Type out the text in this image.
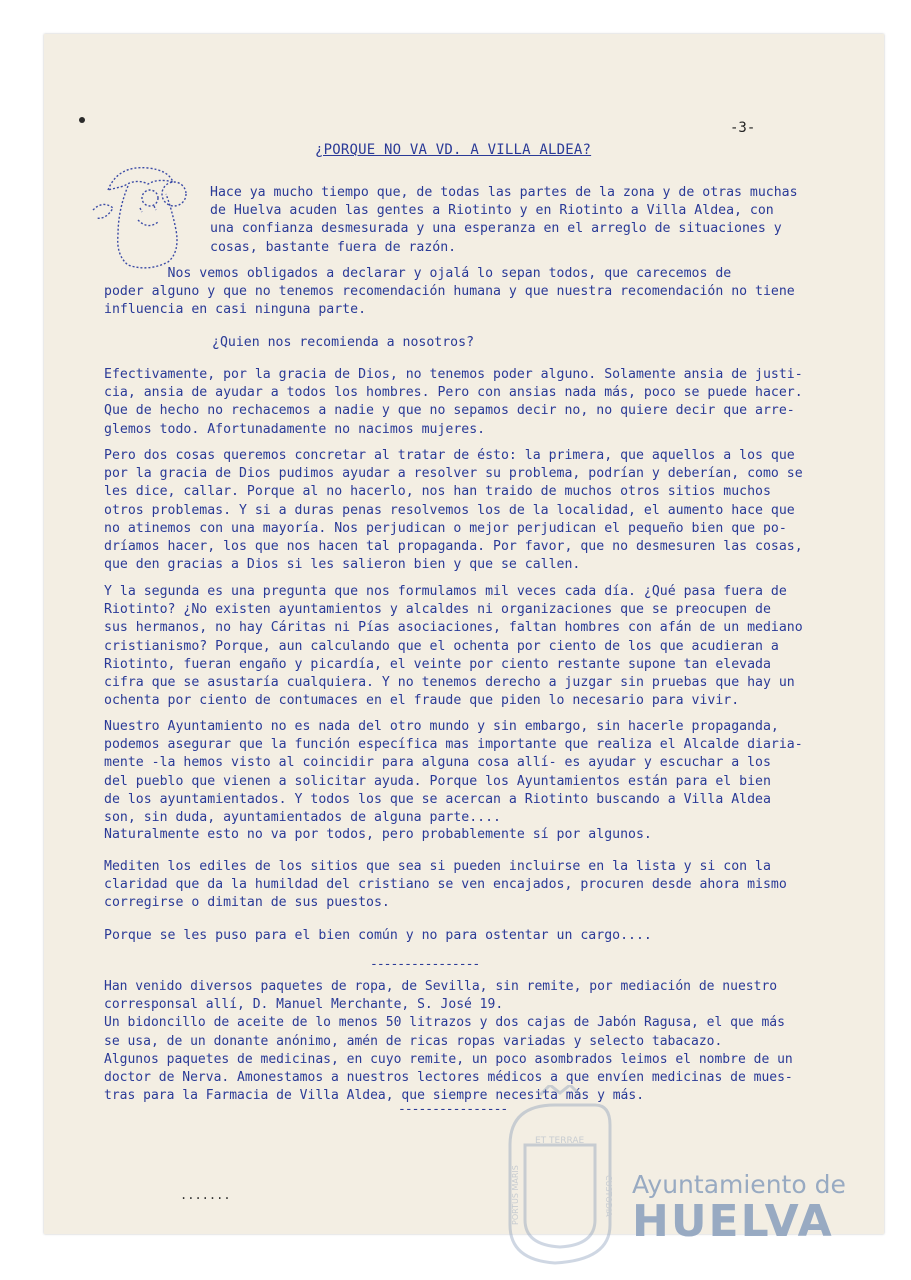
-3-
¿PORQUE NO VA VD. A VILLA ALDEA?
Hace ya mucho tiempo que, de todas las partes de la zona y de otras muchas
de Huelva acuden las gentes a Riotinto y en Riotinto a Villa Aldea, con
una confianza desmesurada y una esperanza en el arreglo de situaciones y
cosas, bastante fuera de razón.
Nos vemos obligados a declarar y ojalá lo sepan todos, que carecemos de
poder alguno y que no tenemos recomendación humana y que nuestra recomendación no tiene
influencia en casi ninguna parte.
¿Quien nos recomienda a nosotros?
Efectivamente, por la gracia de Dios, no tenemos poder alguno. Solamente ansia de justi-
cia, ansia de ayudar a todos los hombres. Pero con ansias nada más, poco se puede hacer.
Que de hecho no rechacemos a nadie y que no sepamos decir no, no quiere decir que arre-
glemos todo. Afortunadamente no nacimos mujeres.
Pero dos cosas queremos concretar al tratar de ésto: la primera, que aquellos a los que
por la gracia de Dios pudimos ayudar a resolver su problema, podrían y deberían, como se
les dice, callar. Porque al no hacerlo, nos han traido de muchos otros sitios muchos
otros problemas. Y si a duras penas resolvemos los de la localidad, el aumento hace que
no atinemos con una mayoría. Nos perjudican o mejor perjudican el pequeño bien que po-
dríamos hacer, los que nos hacen tal propaganda. Por favor, que no desmesuren las cosas,
que den gracias a Dios si les salieron bien y que se callen.
Y la segunda es una pregunta que nos formulamos mil veces cada día. ¿Qué pasa fuera de
Riotinto? ¿No existen ayuntamientos y alcaldes ni organizaciones que se preocupen de
sus hermanos, no hay Cáritas ni Pías asociaciones, faltan hombres con afán de un mediano
cristianismo? Porque, aun calculando que el ochenta por ciento de los que acudieran a
Riotinto, fueran engaño y picardía, el veinte por ciento restante supone tan elevada
cifra que se asustaría cualquiera. Y no tenemos derecho a juzgar sin pruebas que hay un
ochenta por ciento de contumaces en el fraude que piden lo necesario para vivir.
Nuestro Ayuntamiento no es nada del otro mundo y sin embargo, sin hacerle propaganda,
podemos asegurar que la función específica mas importante que realiza el Alcalde diaria-
mente -la hemos visto al coincidir para alguna cosa allí- es ayudar y escuchar a los
del pueblo que vienen a solicitar ayuda. Porque los Ayuntamientos están para el bien
de los ayuntamientados. Y todos los que se acercan a Riotinto buscando a Villa Aldea
son, sin duda, ayuntamientados de alguna parte....
Naturalmente esto no va por todos, pero probablemente sí por algunos.
Mediten los ediles de los sitios que sea si pueden incluirse en la lista y si con la
claridad que da la humildad del cristiano se ven encajados, procuren desde ahora mismo
corregirse o dimitan de sus puestos.
Porque se les puso para el bien común y no para ostentar un cargo....
----------------
Han venido diversos paquetes de ropa, de Sevilla, sin remite, por mediación de nuestro
corresponsal allí, D. Manuel Merchante, S. José 19.
Un bidoncillo de aceite de lo menos 50 litrazos y dos cajas de Jabón Ragusa, el que más
se usa, de un donante anónimo, amén de ricas ropas variadas y selecto tabacazo.
Algunos paquetes de medicinas, en cuyo remite, un poco asombrados leimos el nombre de un
doctor de Nerva. Amonestamos a nuestros lectores médicos a que envíen medicinas de mues-
tras para la Farmacia de Villa Aldea, que siempre necesita más y más.
----------------
.......
ET TERRAE
PORTUS MARIS	CUSTODIA Ayuntamiento de
HUELVA
